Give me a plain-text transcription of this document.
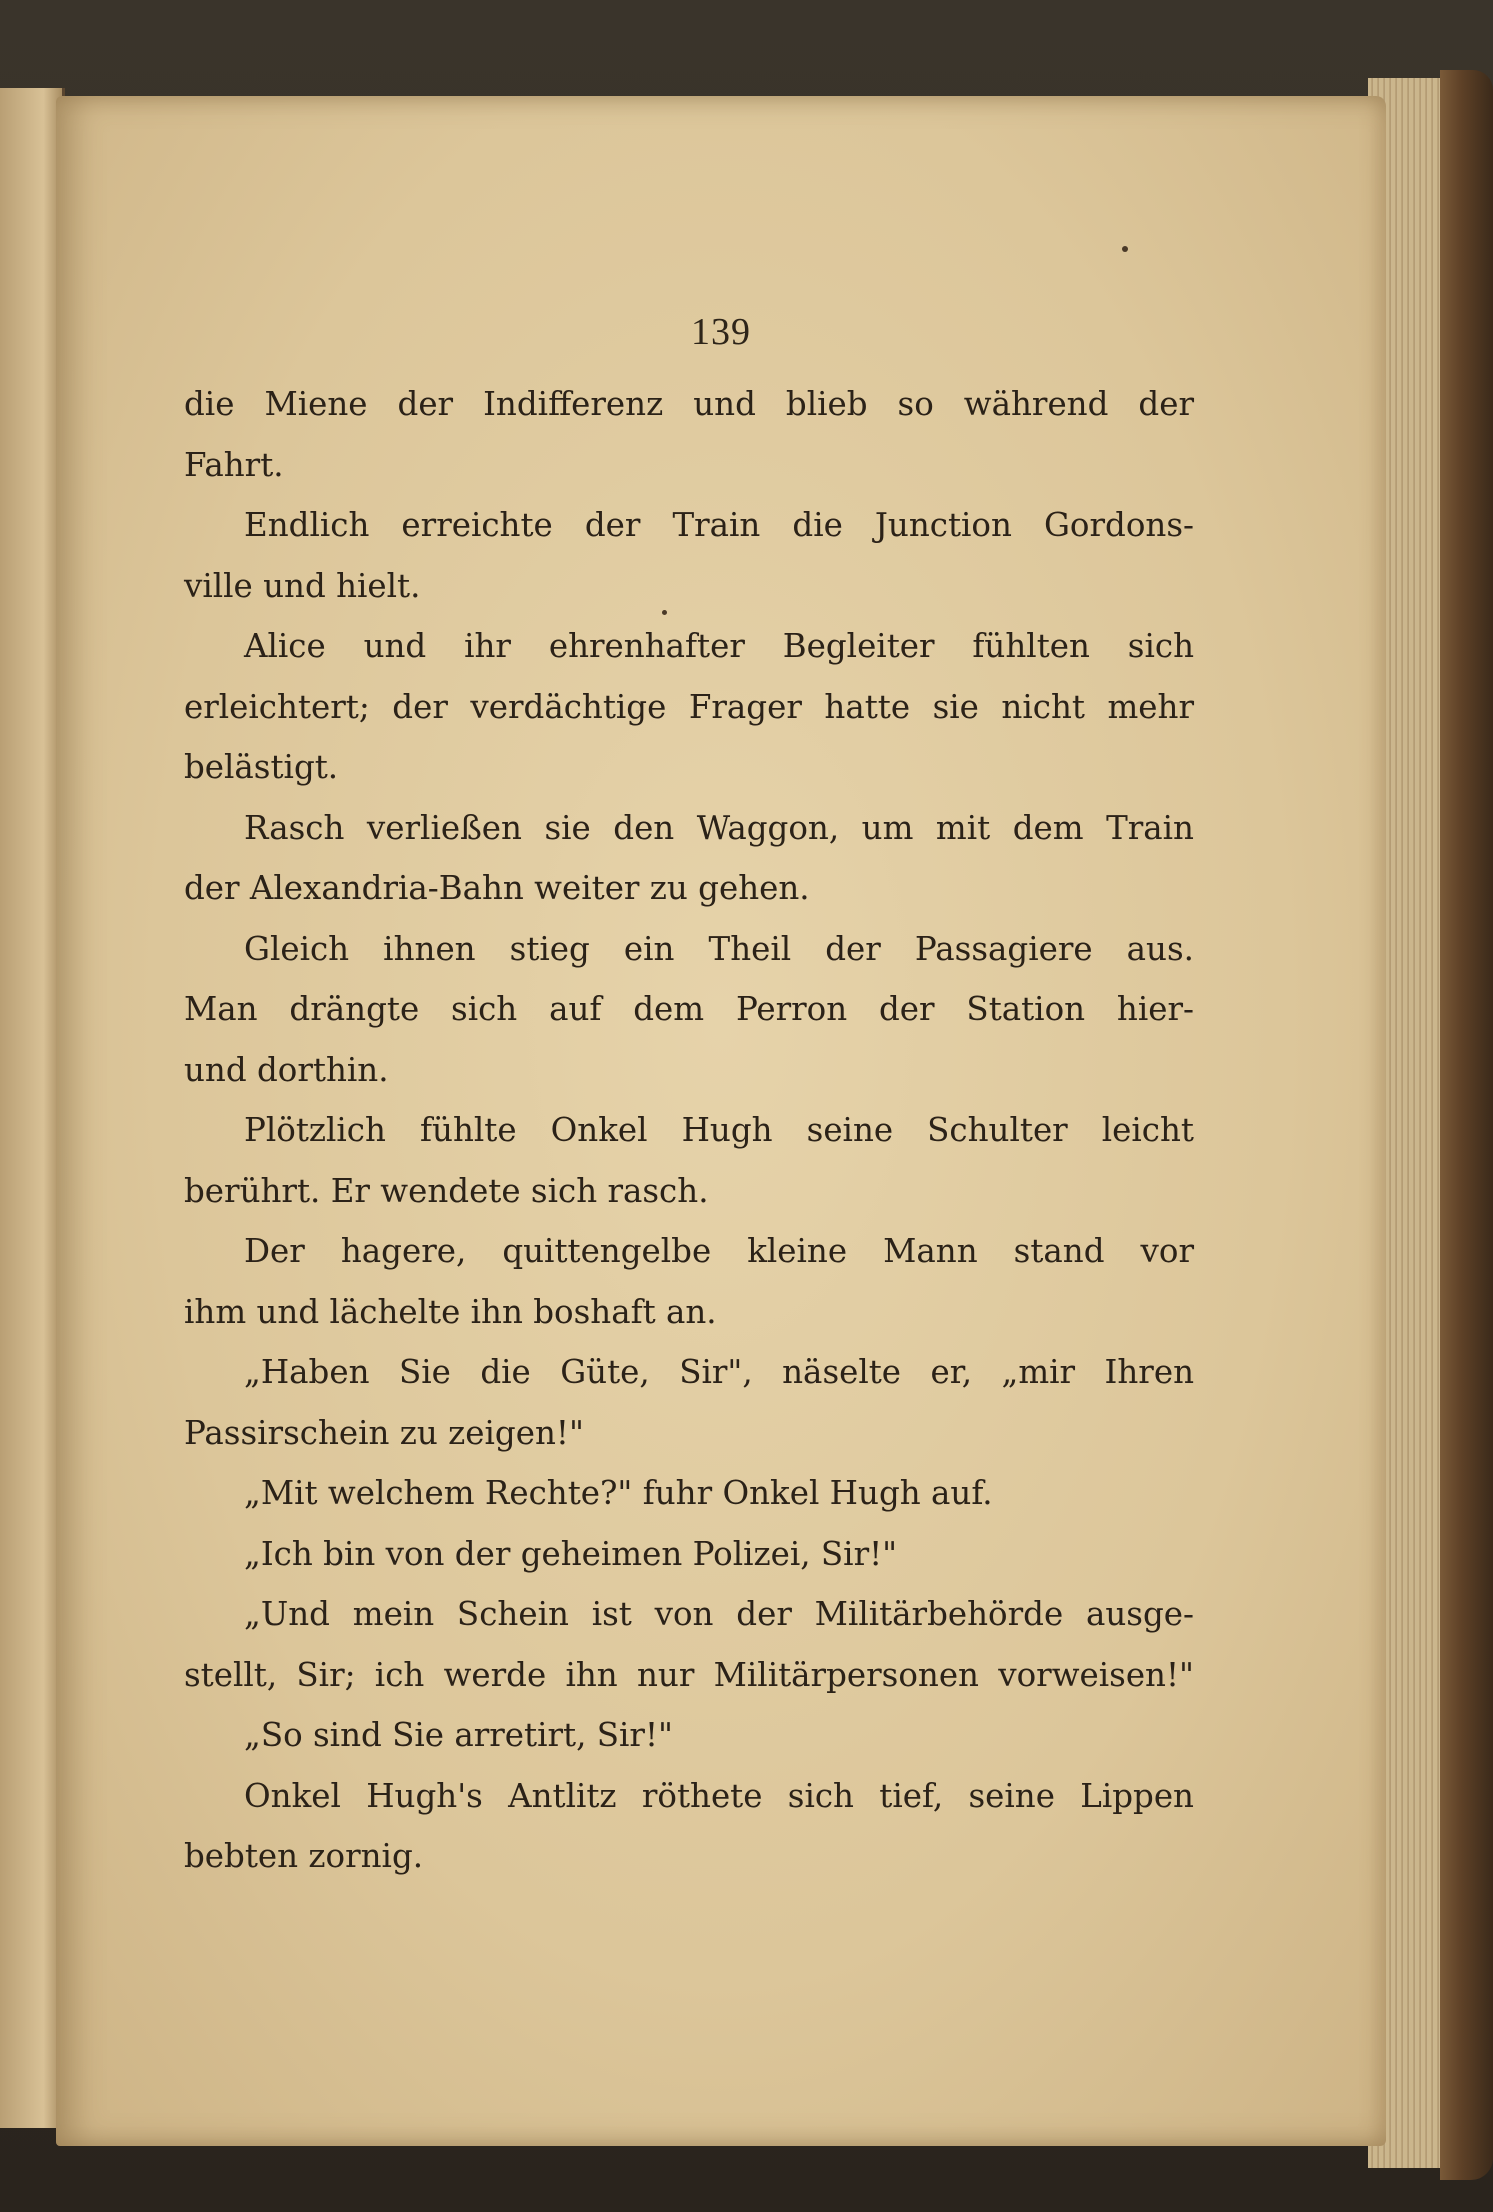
139
die Miene der Indifferenz und blieb so während der
Fahrt.
Endlich erreichte der Train die Junction Gordons-
ville und hielt.
Alice und ihr ehrenhafter Begleiter fühlten sich
erleichtert; der verdächtige Frager hatte sie nicht mehr
belästigt.
Rasch verließen sie den Waggon, um mit dem Train
der Alexandria-Bahn weiter zu gehen.
Gleich ihnen stieg ein Theil der Passagiere aus.
Man drängte sich auf dem Perron der Station hier-
und dorthin.
Plötzlich fühlte Onkel Hugh seine Schulter leicht
berührt. Er wendete sich rasch.
Der hagere, quittengelbe kleine Mann stand vor
ihm und lächelte ihn boshaft an.
„Haben Sie die Güte, Sir", näselte er, „mir Ihren
Passirschein zu zeigen!"
„Mit welchem Rechte?" fuhr Onkel Hugh auf.
„Ich bin von der geheimen Polizei, Sir!"
„Und mein Schein ist von der Militärbehörde ausge-
stellt, Sir; ich werde ihn nur Militärpersonen vorweisen!"
„So sind Sie arretirt, Sir!"
Onkel Hugh's Antlitz röthete sich tief, seine Lippen
bebten zornig.
